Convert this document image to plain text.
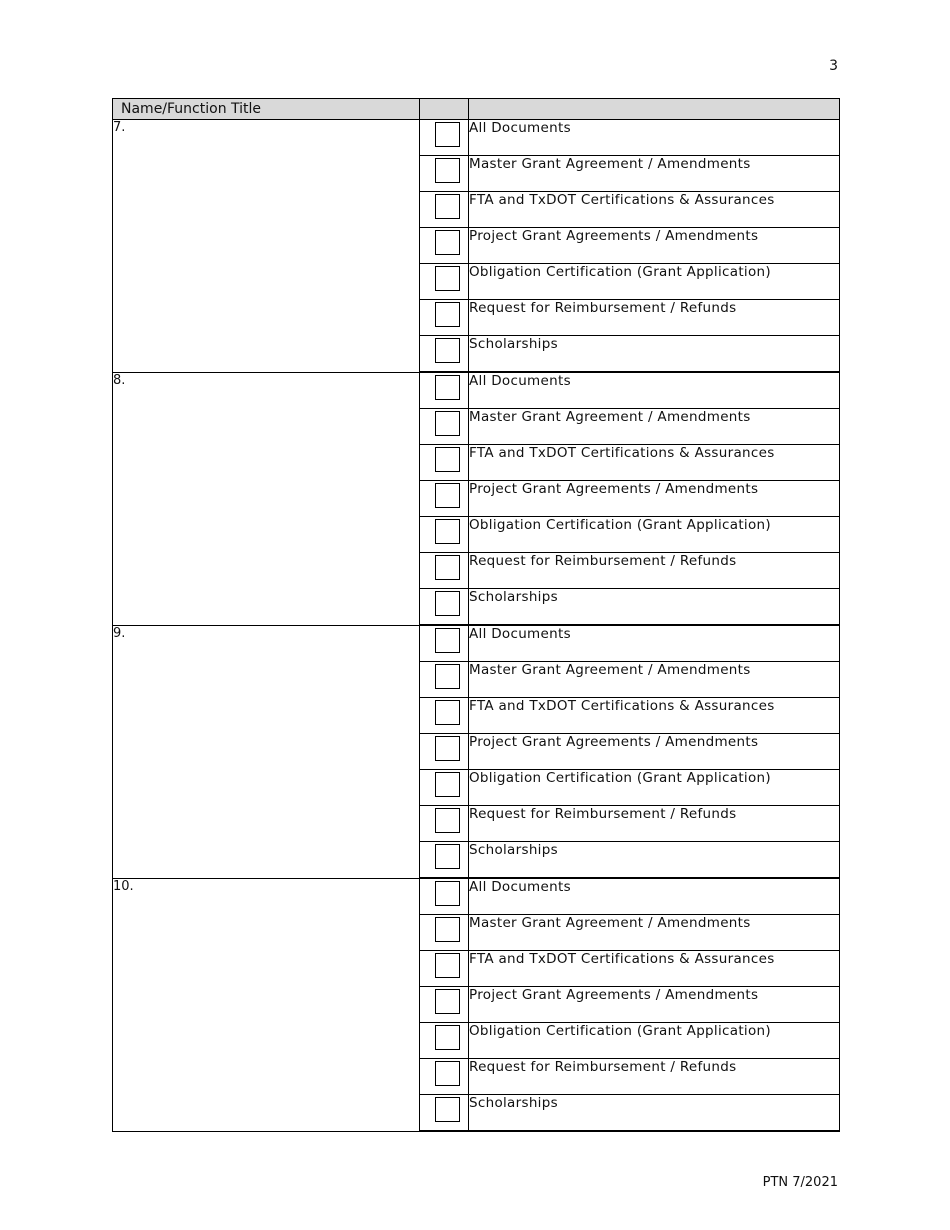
3
Name/Function Title		
7.		All Documents

		Master Grant Agreement / Amendments

		FTA and TxDOT Certifications & Assurances

		Project Grant Agreements / Amendments

		Obligation Certification (Grant Application)

		Request for Reimbursement / Refunds

		Scholarships
8.		All Documents

		Master Grant Agreement / Amendments

		FTA and TxDOT Certifications & Assurances

		Project Grant Agreements / Amendments

		Obligation Certification (Grant Application)

		Request for Reimbursement / Refunds

		Scholarships
9.		All Documents

		Master Grant Agreement / Amendments

		FTA and TxDOT Certifications & Assurances

		Project Grant Agreements / Amendments

		Obligation Certification (Grant Application)

		Request for Reimbursement / Refunds

		Scholarships
10.		All Documents

		Master Grant Agreement / Amendments

		FTA and TxDOT Certifications & Assurances

		Project Grant Agreements / Amendments

		Obligation Certification (Grant Application)

		Request for Reimbursement / Refunds

		Scholarships
PTN 7/2021
